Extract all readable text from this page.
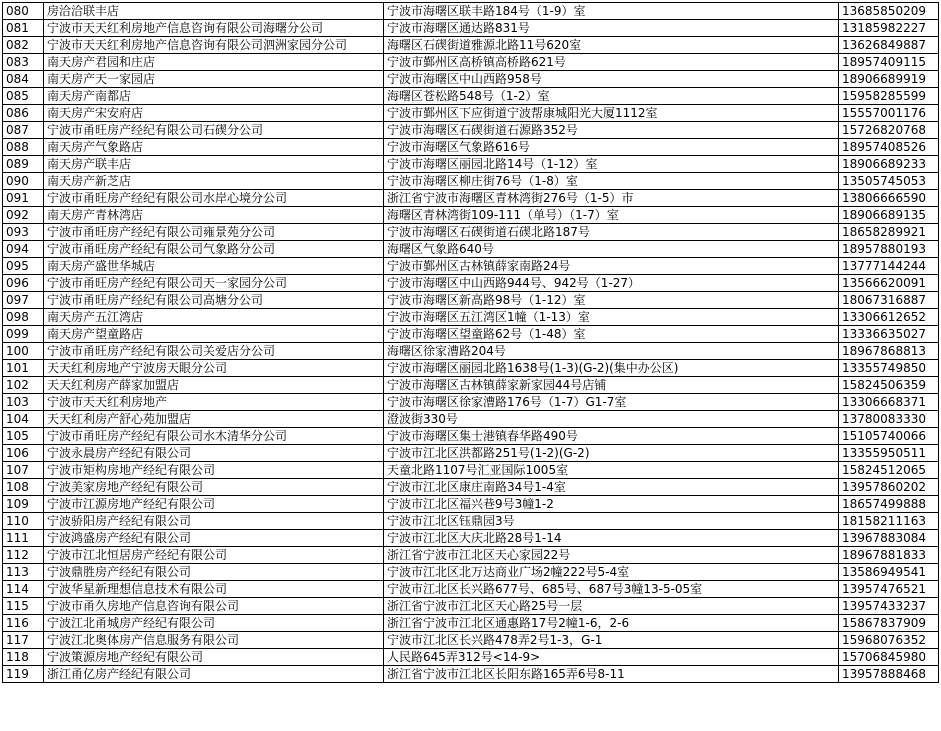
080	房洽洽联丰店	宁波市海曙区联丰路184号（1-9）室	13685850209
081	宁波市天天红利房地产信息咨询有限公司海曙分公司	宁波市海曙区通达路831号	13185982227
082	宁波市天天红利房地产信息咨询有限公司泗洲家园分公司	海曙区石碶街道雅源北路11号620室	13626849887
083	南天房产君园和庄店	宁波市鄞州区高桥镇高桥路621号	18957409115
084	南天房产天一家园店	宁波市海曙区中山西路958号	18906689919
085	南天房产南都店	海曙区苍松路548号（1-2）室	15958285599
086	南天房产宋安府店	宁波市鄞州区下应街道宁波帮康城阳光大厦1112室	15557001176
087	宁波市甬旺房产经纪有限公司石碶分公司	宁波市海曙区石碶街道石源路352号	15726820768
088	南天房产气象路店	宁波市海曙区气象路616号	18957408526
089	南天房产联丰店	宁波市海曙区丽园北路14号（1-12）室	18906689233
090	南天房产新芝店	宁波市海曙区柳庄街76号（1-8）室	13505745053
091	宁波市甬旺房产经纪有限公司水岸心境分公司	浙江省宁波市海曙区青林湾街276号（1-5）市	13806666590
092	南天房产青林湾店	海曙区青林湾街109-111（单号）（1-7）室	18906689135
093	宁波市甬旺房产经纪有限公司雍景苑分公司	宁波市海曙区石碶街道石碶北路187号	18658289921
094	宁波市甬旺房产经纪有限公司气象路分公司	海曙区气象路640号	18957880193
095	南天房产盛世华城店	宁波市鄞州区古林镇薛家南路24号	13777144244
096	宁波市甬旺房产经纪有限公司天一家园分公司	宁波市海曙区中山西路944号、942号（1-27）	13566620091
097	宁波市甬旺房产经纪有限公司高塘分公司	宁波市海曙区新高路98号（1-12）室	18067316887
098	南天房产五江湾店	宁波市海曙区五江湾区1幢（1-13）室	13306612652
099	南天房产望童路店	宁波市海曙区望童路62号（1-48）室	13336635027
100	宁波市甬旺房产经纪有限公司关爱店分公司	海曙区徐家漕路204号	18967868813
101	天天红利房地产宁波房天眼分公司	宁波市海曙区丽园北路1638号(1-3)(G-2)(集中办公区)	13355749850
102	天天红利房产薛家加盟店	宁波市海曙区古林镇薛家新家园44号店铺	15824506359
103	宁波市天天红利房地产	宁波市海曙区徐家漕路176号（1-7）G1-7室	13306668371
104	天天红利房产舒心苑加盟店	澄波街330号	13780083330
105	宁波市甬旺房产经纪有限公司水木清华分公司	宁波市海曙区集士港镇春华路490号	15105740066
106	宁波永晨房产经纪有限公司	宁波市江北区洪都路251号(1-2)(G-2)	13355950511
107	宁波市矩构房地产经纪有限公司	天童北路1107号汇亚国际1005室	15824512065
108	宁波美家房地产经纪有限公司	宁波市江北区康庄南路34号1-4室	13957860202
109	宁波市江源房地产经纪有限公司	宁波市江北区福兴巷9号3幢1-2	18657499888
110	宁波骄阳房产经纪有限公司	宁波市江北区钰鼎园3号	18158211163
111	宁波鸿盛房产经纪有限公司	宁波市江北区大庆北路28号1-14	13967883084
112	宁波市江北恒居房产经纪有限公司	浙江省宁波市江北区天心家园22号	18967881833
113	宁波鼎胜房产经纪有限公司	宁波市江北区北万达商业广场2幢222号5-4室	13586949541
114	宁波华星新理想信息技术有限公司	宁波市江北区长兴路677号、685号、687号3幢13-5-05室	13957476521
115	宁波市甬久房地产信息咨询有限公司	浙江省宁波市江北区天心路25号一层	13957433237
116	宁波江北甬城房产经纪有限公司	浙江省宁波市江北区通惠路17号2幢1-6，2-6	15867837909
117	宁波江北奥体房产信息服务有限公司	宁波市江北区长兴路478弄2号1-3，G-1	15968076352
118	宁波策源房地产经纪有限公司	人民路645弄312号<14-9>	15706845980
119	浙江甬亿房产经纪有限公司	浙江省宁波市江北区长阳东路165弄6号8-11	13957888468
